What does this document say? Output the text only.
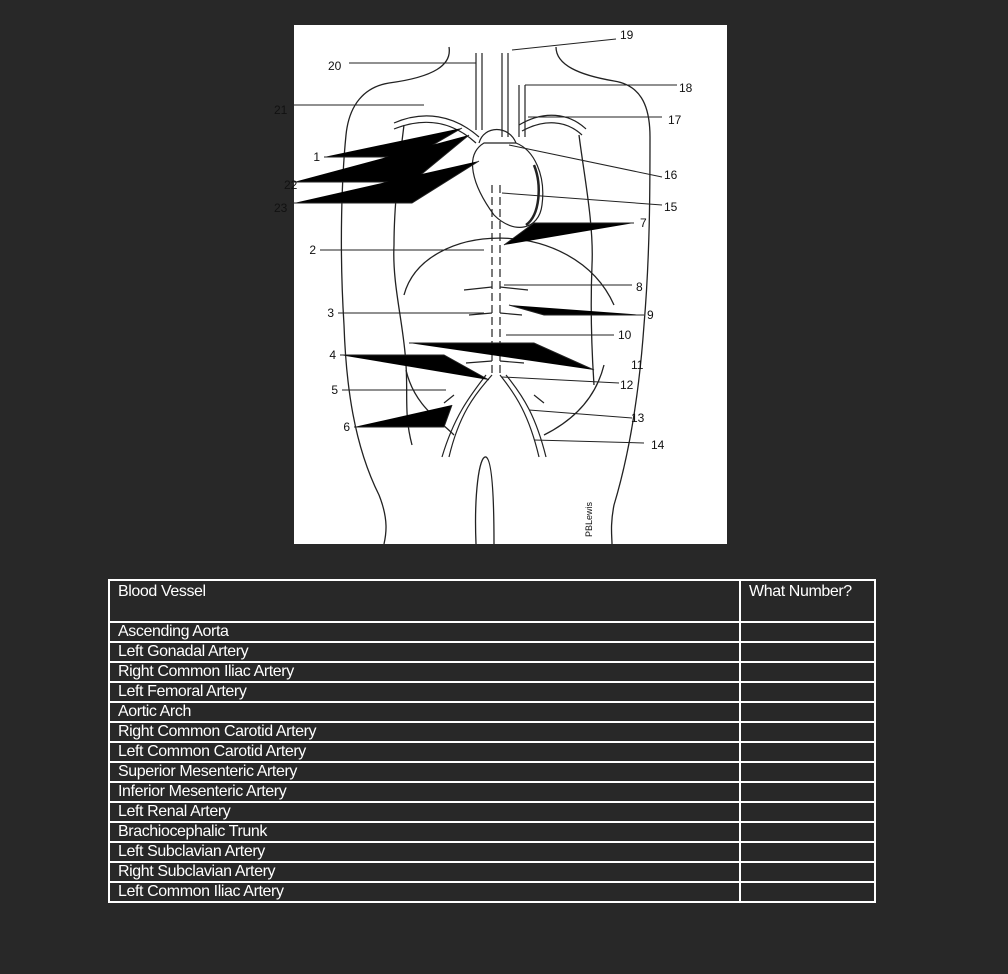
1
2
3
4
5
6
7
8
9
10
11
12
13
14
15
16
17
18
19
20
PBLewis
21
22
23
Blood Vessel	What Number?
Ascending Aorta	
Left Gonadal Artery	
Right Common Iliac Artery	
Left Femoral Artery	
Aortic Arch	
Right Common Carotid Artery	
Left Common Carotid Artery	
Superior Mesenteric Artery	
Inferior Mesenteric Artery	
Left Renal Artery	
Brachiocephalic Trunk	
Left Subclavian Artery	
Right Subclavian Artery	
Left Common Iliac Artery	
